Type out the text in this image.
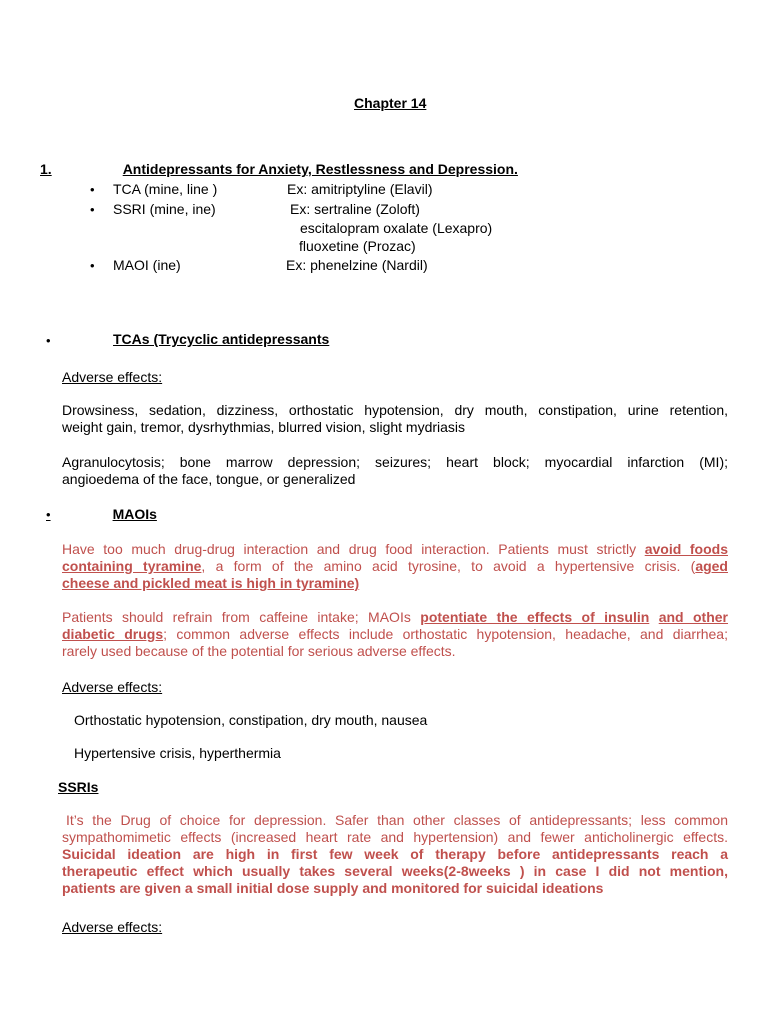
Chapter 14
1.	Antidepressants for Anxiety, Restlessness and Depression.
• TCA (mine, line )	Ex: amitriptyline (Elavil)
• SSRI (mine, ine)	Ex: sertraline (Zoloft)
escitalopram oxalate (Lexapro)
fluoxetine (Prozac)
• MAOI (ine)	Ex: phenelzine (Nardil)
•	TCAs (Trycyclic antidepressants
Adverse effects:
Drowsiness, sedation, dizziness, orthostatic hypotension, dry mouth, constipation, urine retention,
weight gain, tremor, dysrhythmias, blurred vision, slight mydriasis
Agranulocytosis; bone marrow depression; seizures; heart block; myocardial infarction (MI);
angioedema of the face, tongue, or generalized
•	MAOIs
Have too much drug-drug interaction and drug food interaction. Patients must strictly avoid foods
containing tyramine, a form of the amino acid tyrosine, to avoid a hypertensive crisis. (aged
cheese and pickled meat is high in tyramine)
Patients should refrain from caffeine intake; MAOIs potentiate the effects of insulin and other
diabetic drugs; common adverse effects include orthostatic hypotension, headache, and diarrhea;
rarely used because of the potential for serious adverse effects.
Adverse effects:
Orthostatic hypotension, constipation, dry mouth, nausea
Hypertensive crisis, hyperthermia
SSRIs
It’s the Drug of choice for depression. Safer than other classes of antidepressants; less common
sympathomimetic effects (increased heart rate and hypertension) and fewer anticholinergic effects.
Suicidal ideation are high in first few week of therapy before antidepressants reach a
therapeutic effect which usually takes several weeks(2-8weeks ) in case I did not mention,
patients are given a small initial dose supply and monitored for suicidal ideations
Adverse effects:
